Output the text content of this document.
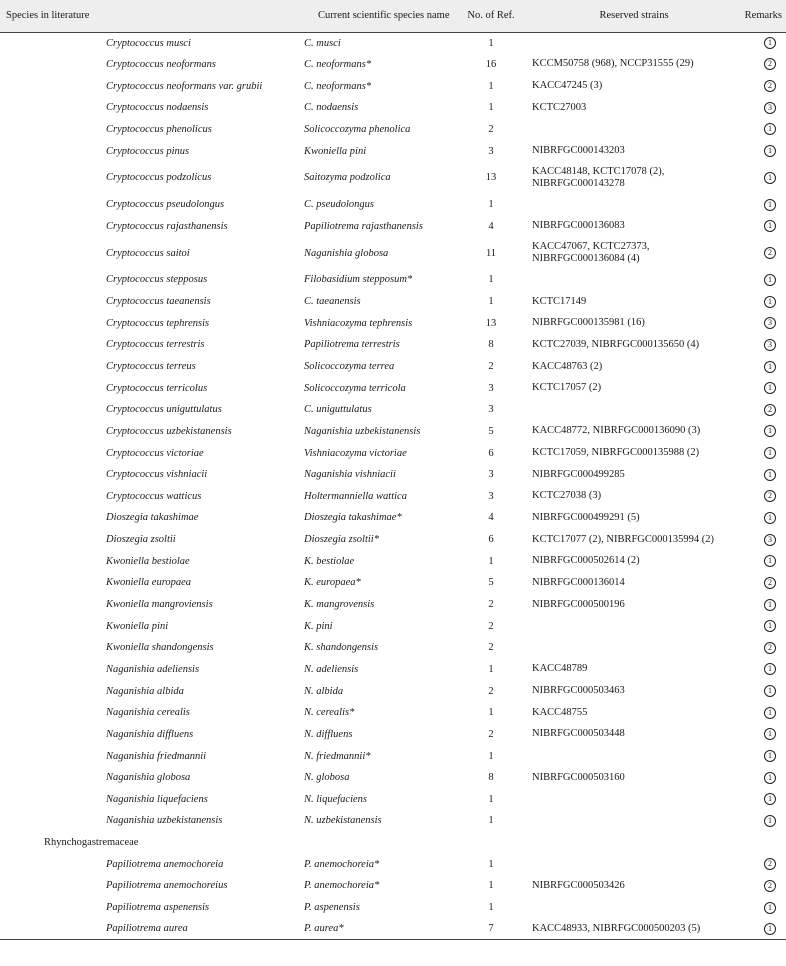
Species in literature	Current scientific species name	No. of Ref.	Reserved strains	Remarks
Cryptococcus musci	C. musci	1		1
Cryptococcus neoformans	C. neoformans*	16	KCCM50758 (968), NCCP31555 (29)	2
Cryptococcus neoformans var. grubii	C. neoformans*	1	KACC47245 (3)	2
Cryptococcus nodaensis	C. nodaensis	1	KCTC27003	3
Cryptococcus phenolicus	Solicoccozyma phenolica	2		1
Cryptococcus pinus	Kwoniella pini	3	NIBRFGC000143203	1
Cryptococcus podzolicus	Saitozyma podzolica	13	KACC48148, KCTC17078 (2), NIBRFGC000143278	1
Cryptococcus pseudolongus	C. pseudolongus	1		1
Cryptococcus rajasthanensis	Papiliotrema rajasthanensis	4	NIBRFGC000136083	1
Cryptococcus saitoi	Naganishia globosa	11	KACC47067, KCTC27373, NIBRFGC000136084 (4)	2
Cryptococcus stepposus	Filobasidium stepposum*	1		1
Cryptococcus taeanensis	C. taeanensis	1	KCTC17149	1
Cryptococcus tephrensis	Vishniacozyma tephrensis	13	NIBRFGC000135981 (16)	3
Cryptococcus terrestris	Papiliotrema terrestris	8	KCTC27039, NIBRFGC000135650 (4)	3
Cryptococcus terreus	Solicoccozyma terrea	2	KACC48763 (2)	1
Cryptococcus terricolus	Solicoccozyma terricola	3	KCTC17057 (2)	1
Cryptococcus uniguttulatus	C. uniguttulatus	3		2
Cryptococcus uzbekistanensis	Naganishia uzbekistanensis	5	KACC48772, NIBRFGC000136090 (3)	1
Cryptococcus victoriae	Vishniacozyma victoriae	6	KCTC17059, NIBRFGC000135988 (2)	1
Cryptococcus vishniacii	Naganishia vishniacii	3	NIBRFGC000499285	1
Cryptococcus watticus	Holtermanniella wattica	3	KCTC27038 (3)	2
Dioszegia takashimae	Dioszegia takashimae*	4	NIBRFGC000499291 (5)	1
Dioszegia zsoltii	Dioszegia zsoltii*	6	KCTC17077 (2), NIBRFGC000135994 (2)	3
Kwoniella bestiolae	K. bestiolae	1	NIBRFGC000502614 (2)	1
Kwoniella europaea	K. europaea*	5	NIBRFGC000136014	2
Kwoniella mangroviensis	K. mangrovensis	2	NIBRFGC000500196	1
Kwoniella pini	K. pini	2		1
Kwoniella shandongensis	K. shandongensis	2		2
Naganishia adeliensis	N. adeliensis	1	KACC48789	1
Naganishia albida	N. albida	2	NIBRFGC000503463	1
Naganishia cerealis	N. cerealis*	1	KACC48755	1
Naganishia diffluens	N. diffluens	2	NIBRFGC000503448	1
Naganishia friedmannii	N. friedmannii*	1		1
Naganishia globosa	N. globosa	8	NIBRFGC000503160	1
Naganishia liquefaciens	N. liquefaciens	1		1
Naganishia uzbekistanensis	N. uzbekistanensis	1		1
Rhynchogastremaceae				
Papiliotrema anemochoreia	P. anemochoreia*	1		2
Papiliotrema anemochoreius	P. anemochoreia*	1	NIBRFGC000503426	2
Papiliotrema aspenensis	P. aspenensis	1		1
Papiliotrema aurea	P. aurea*	7	KACC48933, NIBRFGC000500203 (5)	1
